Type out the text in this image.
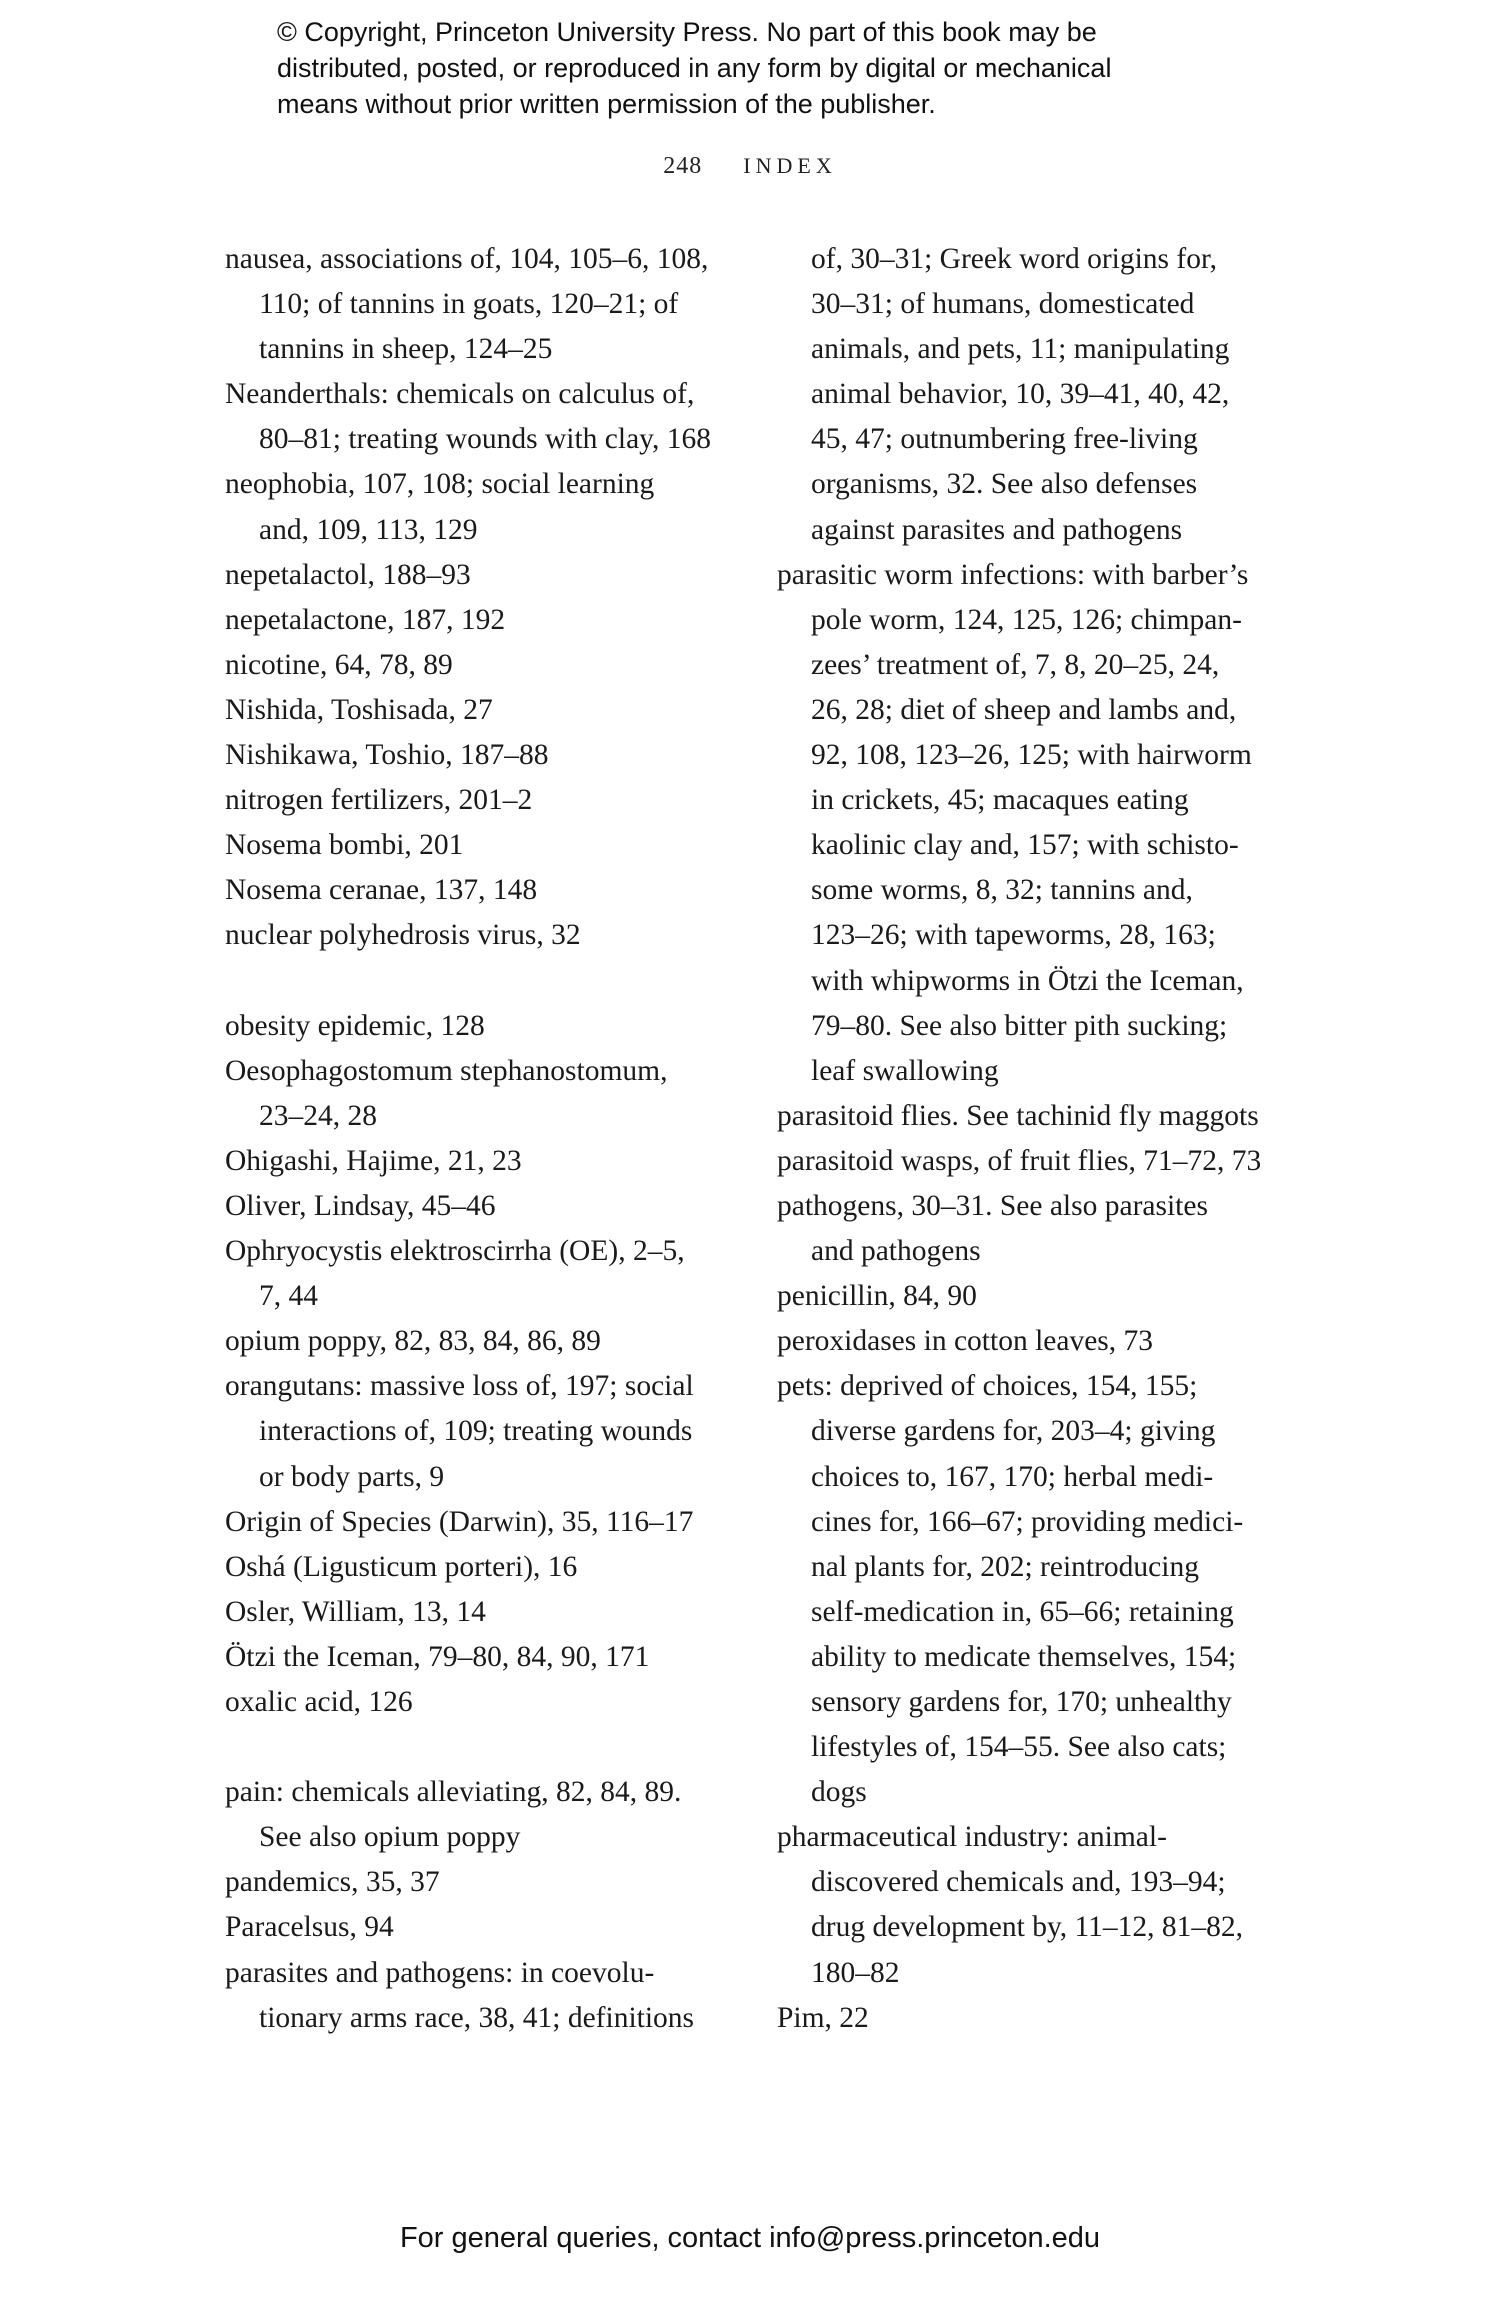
© Copyright, Princeton University Press. No part of this book may be
distributed, posted, or reproduced in any form by digital or mechanical
means without prior written permission of the publisher.
248 INDEX
nausea, associations of, 104, 105–6, 108,
110; of tannins in goats, 120–21; of
tannins in sheep, 124–25
Neanderthals: chemicals on calculus of,
80–81; treating wounds with clay, 168
neophobia, 107, 108; social learning
and, 109, 113, 129
nepetalactol, 188–93
nepetalactone, 187, 192
nicotine, 64, 78, 89
Nishida, Toshisada, 27
Nishikawa, Toshio, 187–88
nitrogen fertilizers, 201–2
Nosema bombi, 201
Nosema ceranae, 137, 148
nuclear polyhedrosis virus, 32
obesity epidemic, 128
Oesophagostomum stephanostomum,
23–24, 28
Ohigashi, Hajime, 21, 23
Oliver, Lindsay, 45–46
Ophryocystis elektroscirrha (OE), 2–5,
7, 44
opium poppy, 82, 83, 84, 86, 89
orangutans: massive loss of, 197; social
interactions of, 109; treating wounds
or body parts, 9
Origin of Species (Darwin), 35, 116–17
Oshá (Ligusticum porteri), 16
Osler, William, 13, 14
Ötzi the Iceman, 79–80, 84, 90, 171
oxalic acid, 126
pain: chemicals alleviating, 82, 84, 89.
See also opium poppy
pandemics, 35, 37
Paracelsus, 94
parasites and pathogens: in coevolu-
tionary arms race, 38, 41; definitions
of, 30–31; Greek word origins for,
30–31; of humans, domesticated
animals, and pets, 11; manipulating
animal behavior, 10, 39–41, 40, 42,
45, 47; outnumbering free-living
organisms, 32. See also defenses
against parasites and pathogens
parasitic worm infections: with barber’s
pole worm, 124, 125, 126; chimpan-
zees’ treatment of, 7, 8, 20–25, 24,
26, 28; diet of sheep and lambs and,
92, 108, 123–26, 125; with hairworm
in crickets, 45; macaques eating
kaolinic clay and, 157; with schisto-
some worms, 8, 32; tannins and,
123–26; with tapeworms, 28, 163;
with whipworms in Ötzi the Iceman,
79–80. See also bitter pith sucking;
leaf swallowing
parasitoid flies. See tachinid fly maggots
parasitoid wasps, of fruit flies, 71–72, 73
pathogens, 30–31. See also parasites
and pathogens
penicillin, 84, 90
peroxidases in cotton leaves, 73
pets: deprived of choices, 154, 155;
diverse gardens for, 203–4; giving
choices to, 167, 170; herbal medi-
cines for, 166–67; providing medici-
nal plants for, 202; reintroducing
self-medication in, 65–66; retaining
ability to medicate themselves, 154;
sensory gardens for, 170; unhealthy
lifestyles of, 154–55. See also cats;
dogs
pharmaceutical industry: animal-
discovered chemicals and, 193–94;
drug development by, 11–12, 81–82,
180–82
Pim, 22
For general queries, contact info@press.princeton.edu
